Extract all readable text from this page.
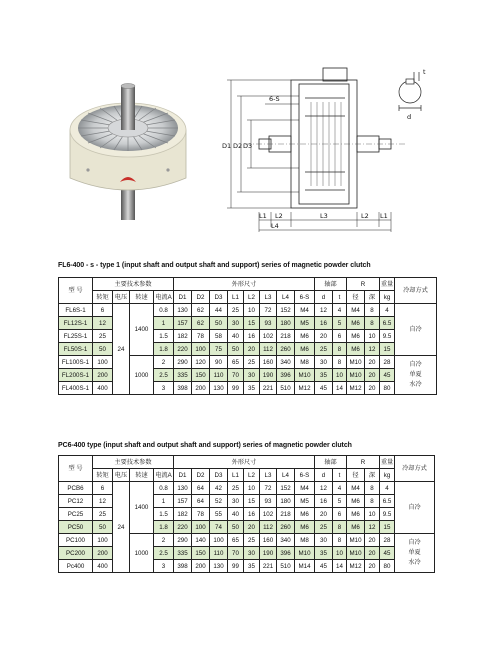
D1 D2 D3
6-S
L1 L2	L3	L2 L1
L4
t
d
FL6-400 - s - type 1 (input shaft and output shaft and support) series of magnetic powder clutch
型 号	主要技术参数				外形尺寸								轴部		R		重量	冷却方式
	转矩	电压	转速	电流A	D1	D2	D3	L1	L2	L3	L4	6-S	d	t	径	深	kg	
FL6S-1	6	24	1400	0.8	130	62	44	25	10	72	152	M4	12	4	M4	8	4	自冷
FL12S-1	12			1	157	62	50	30	15	93	180	M5	16	5	M6	8	6.5	
FL25S-1	25			1.5	182	78	58	40	16	102	218	M6	20	6	M6	10	9.5	
FL50S-1	50			1.8	220	100	75	50	20	112	260	M6	25	8	M6	12	15	
FL100S-1	100		1000	2	290	120	90	65	25	160	340	M8	30	8	M10	20	28	自冷
单夏
水冷
FL200S-1	200			2.5	335	150	110	70	30	190	396	M10	35	10	M10	20	45	
FL400S-1	400			3	398	200	130	99	35	221	510	M12	45	14	M12	20	80	
PC6-400 type (input shaft and output shaft and support) series of magnetic powder clutch
型 号	主要技术参数				外形尺寸								轴部		R		重量	冷却方式
	转矩	电压	转速	电流A	D1	D2	D3	L1	L2	L3	L4	6-S	d	t	径	深	kg	
PCB6	6	24	1400	0.8	130	64	42	25	10	72	152	M4	12	4	M4	8	4	自冷
PC12	12			1	157	64	52	30	15	93	180	M5	16	5	M6	8	6.5	
PC25	25			1.5	182	78	55	40	16	102	218	M6	20	6	M6	10	9.5	
PC50	50			1.8	220	100	74	50	20	112	260	M6	25	8	M6	12	15	
PC100	100		1000	2	290	140	100	65	25	160	340	M8	30	8	M10	20	28	自冷
单夏
水冷
PC200	200			2.5	335	150	110	70	30	190	396	M10	35	10	M10	20	45	
Pc400	400			3	398	200	130	99	35	221	510	M14	45	14	M12	20	80	
